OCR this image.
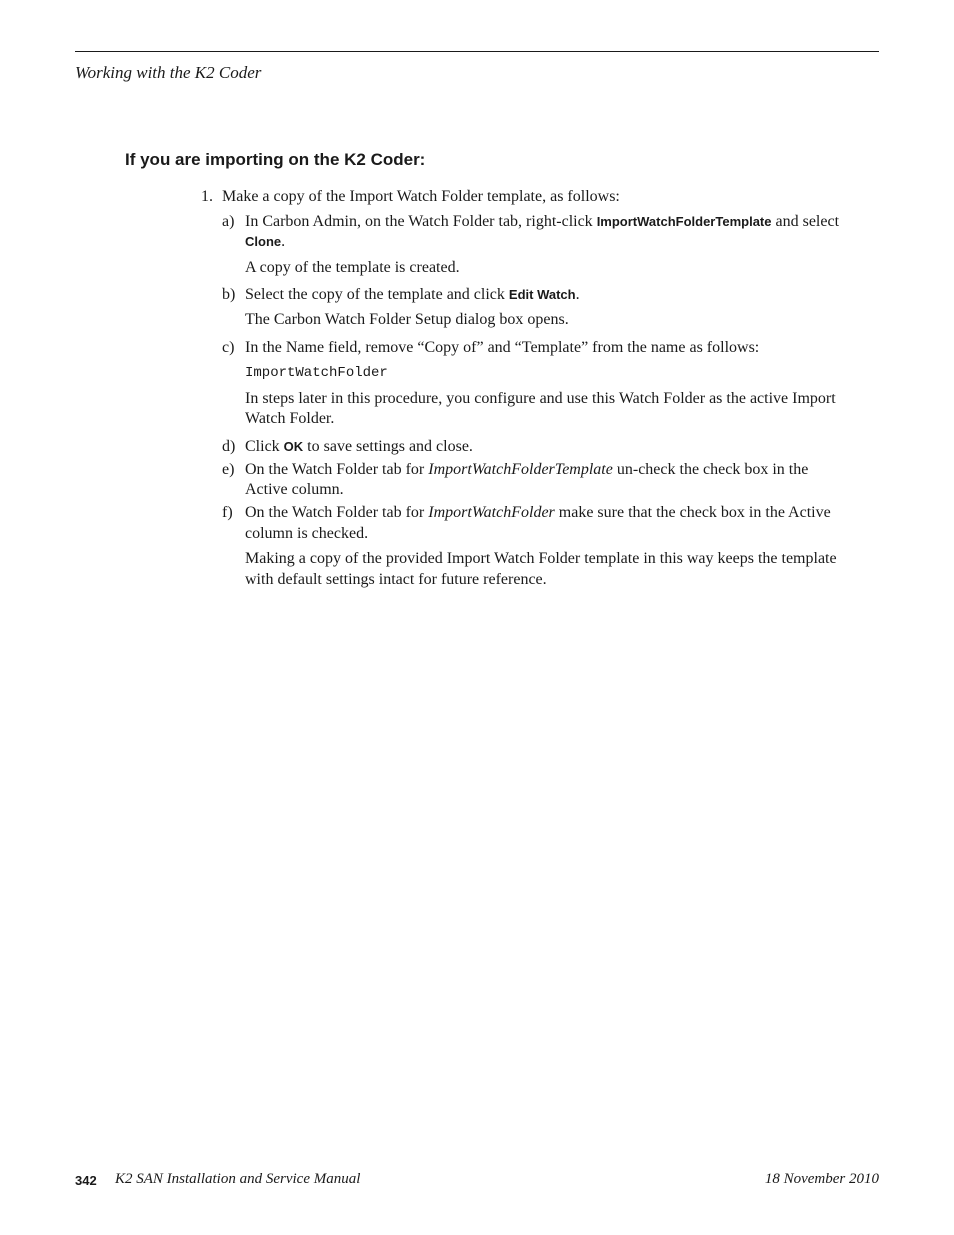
Working with the K2 Coder
If you are importing on the K2 Coder:
1. Make a copy of the Import Watch Folder template, as follows:
a) In Carbon Admin, on the Watch Folder tab, right-click ImportWatchFolderTemplate and select
Clone.
A copy of the template is created.
b) Select the copy of the template and click Edit Watch.
The Carbon Watch Folder Setup dialog box opens.
c) In the Name field, remove “Copy of” and “Template” from the name as follows:
ImportWatchFolder
In steps later in this procedure, you configure and use this Watch Folder as the active Import
Watch Folder.
d) Click OK to save settings and close.
e) On the Watch Folder tab for ImportWatchFolderTemplate un-check the check box in the
Active column.
f) On the Watch Folder tab for ImportWatchFolder make sure that the check box in the Active
column is checked.
Making a copy of the provided Import Watch Folder template in this way keeps the template
with default settings intact for future reference.
342 K2 SAN Installation and Service Manual	18 November 2010
